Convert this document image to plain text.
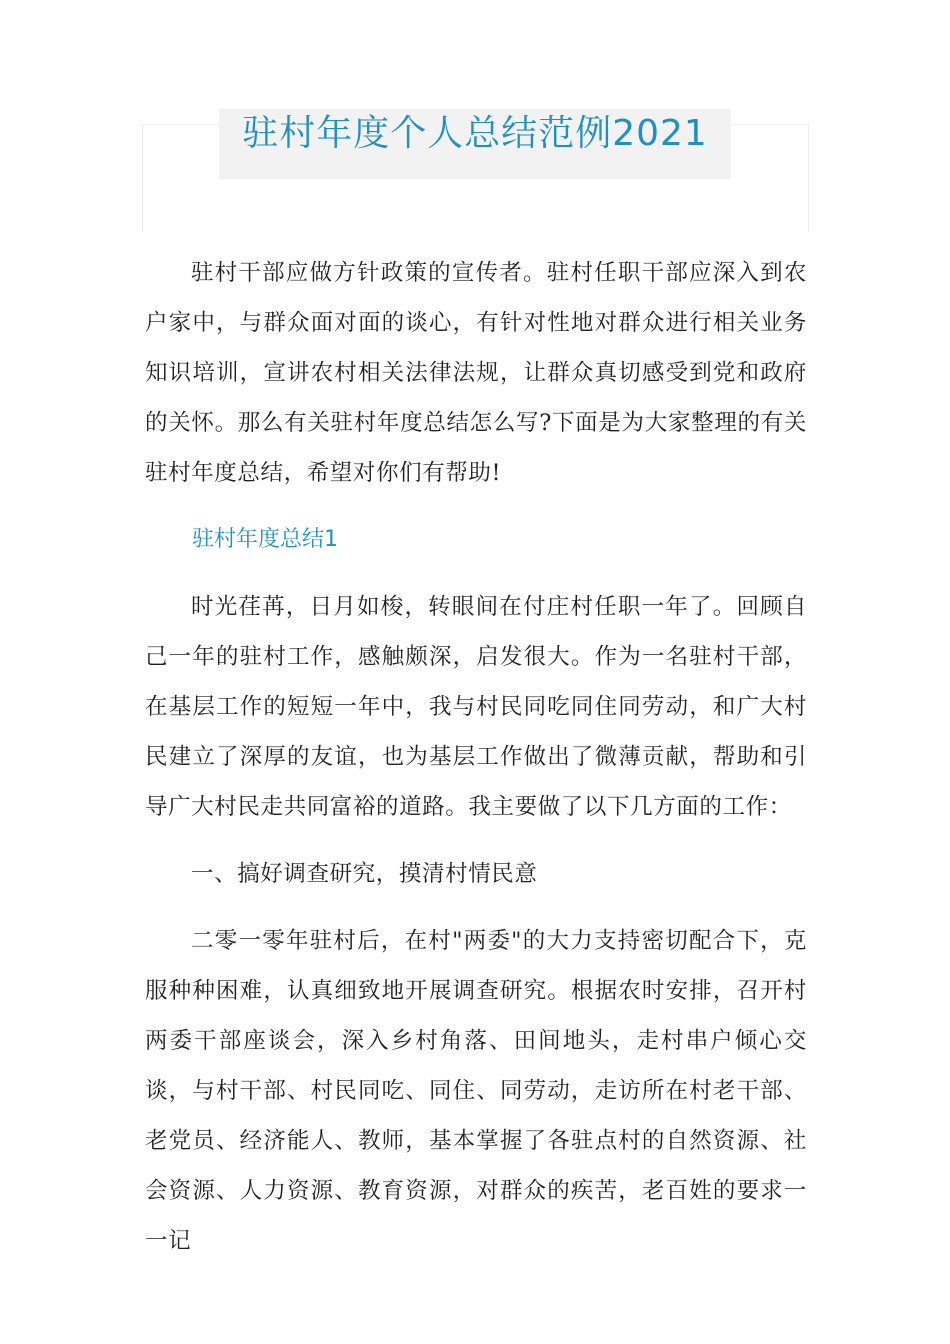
驻村年度个人总结范例2021

驻村干部应做方针政策的宣传者。驻村任职干部应深入到农户家中，与群众面对面的谈心，有针对性地对群众进行相关业务知识培训，宣讲农村相关法律法规，让群众真切感受到党和政府的关怀。那么有关驻村年度总结怎么写?下面是为大家整理的有关驻村年度总结，希望对你们有帮助!

驻村年度总结1

时光荏苒，日月如梭，转眼间在付庄村任职一年了。回顾自己一年的驻村工作，感触颇深，启发很大。作为一名驻村干部，在基层工作的短短一年中，我与村民同吃同住同劳动，和广大村民建立了深厚的友谊，也为基层工作做出了微薄贡献，帮助和引导广大村民走共同富裕的道路。我主要做了以下几方面的工作：

一、搞好调查研究，摸清村情民意

二零一零年驻村后，在村"两委"的大力支持密切配合下，克服种种困难，认真细致地开展调查研究。根据农时安排，召开村两委干部座谈会，深入乡村角落、田间地头，走村串户倾心交谈，与村干部、村民同吃、同住、同劳动，走访所在村老干部、老党员、经济能人、教师，基本掌握了各驻点村的自然资源、社会资源、人力资源、教育资源，对群众的疾苦，老百姓的要求一一记
